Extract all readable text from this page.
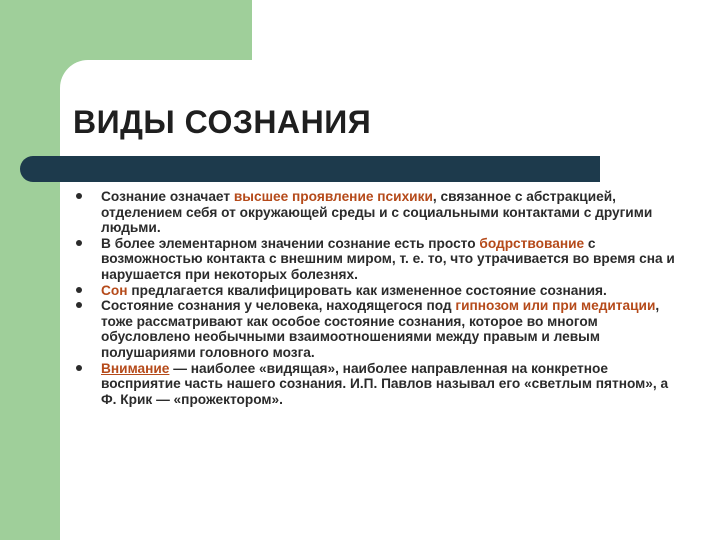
ВИДЫ СОЗНАНИЯ
Сознание означает высшее проявление психики, связанное с абстракцией, отделением себя от окружающей среды и с социальными контактами с другими людьми.
В более элементарном значении сознание есть просто бодрствование с возможностью контакта с внешним миром, т. е. то, что утрачивается во время сна и нарушается при некоторых болезнях.
Сон предлагается квалифицировать как измененное состояние сознания.
Состояние сознания у человека, находящегося под гипнозом или при медитации, тоже рассматривают как особое состояние сознания, которое во многом обусловлено необычными взаимоотношениями между правым и левым полушариями головного мозга.
Внимание — наиболее «видящая», наиболее направленная на конкретное восприятие часть нашего сознания. И.П. Павлов называл его «светлым пятном», а Ф. Крик — «прожектором».
